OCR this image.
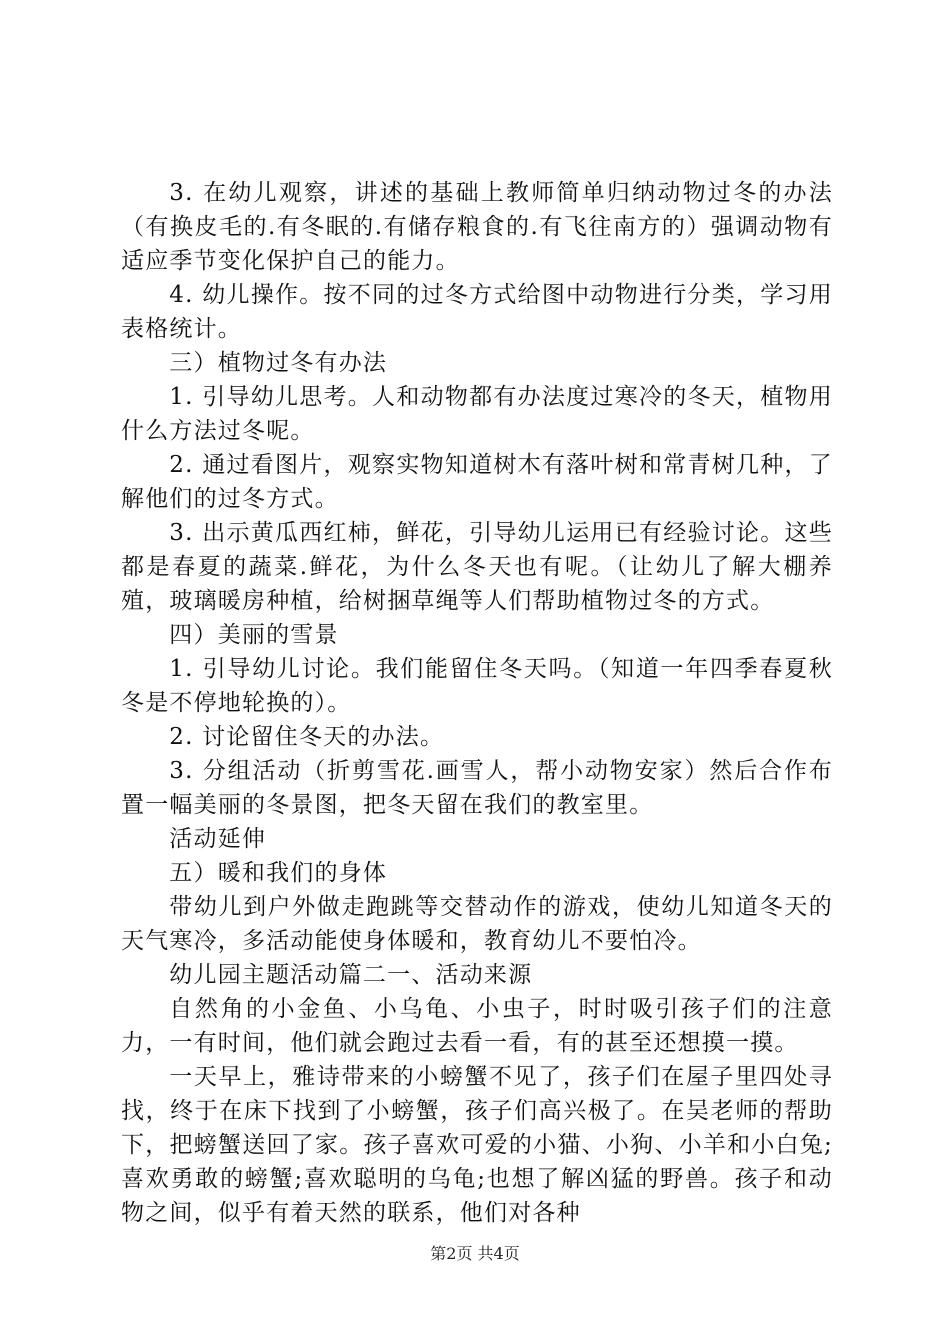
3. 在幼儿观察，讲述的基础上教师简单归纳动物过冬的办法（有换皮毛的.有冬眠的.有储存粮食的.有飞往南方的）强调动物有适应季节变化保护自己的能力。

4. 幼儿操作。按不同的过冬方式给图中动物进行分类，学习用表格统计。

三）植物过冬有办法

1. 引导幼儿思考。人和动物都有办法度过寒冷的冬天，植物用什么方法过冬呢。

2. 通过看图片，观察实物知道树木有落叶树和常青树几种，了解他们的过冬方式。

3. 出示黄瓜西红柿，鲜花，引导幼儿运用已有经验讨论。这些都是春夏的蔬菜.鲜花，为什么冬天也有呢。（让幼儿了解大棚养殖，玻璃暖房种植，给树捆草绳等人们帮助植物过冬的方式。

四）美丽的雪景

1. 引导幼儿讨论。我们能留住冬天吗。（知道一年四季春夏秋冬是不停地轮换的）。

2. 讨论留住冬天的办法。

3. 分组活动（折剪雪花.画雪人，帮小动物安家）然后合作布置一幅美丽的冬景图，把冬天留在我们的教室里。

活动延伸

五）暖和我们的身体

带幼儿到户外做走跑跳等交替动作的游戏，使幼儿知道冬天的天气寒冷，多活动能使身体暖和，教育幼儿不要怕冷。

幼儿园主题活动篇二一、活动来源

自然角的小金鱼、小乌龟、小虫子，时时吸引孩子们的注意力，一有时间，他们就会跑过去看一看，有的甚至还想摸一摸。

一天早上，雅诗带来的小螃蟹不见了，孩子们在屋子里四处寻找，终于在床下找到了小螃蟹，孩子们高兴极了。在吴老师的帮助下，把螃蟹送回了家。孩子喜欢可爱的小猫、小狗、小羊和小白兔;喜欢勇敢的螃蟹;喜欢聪明的乌龟;也想了解凶猛的野兽。孩子和动物之间，似乎有着天然的联系，他们对各种

第2页 共4页
